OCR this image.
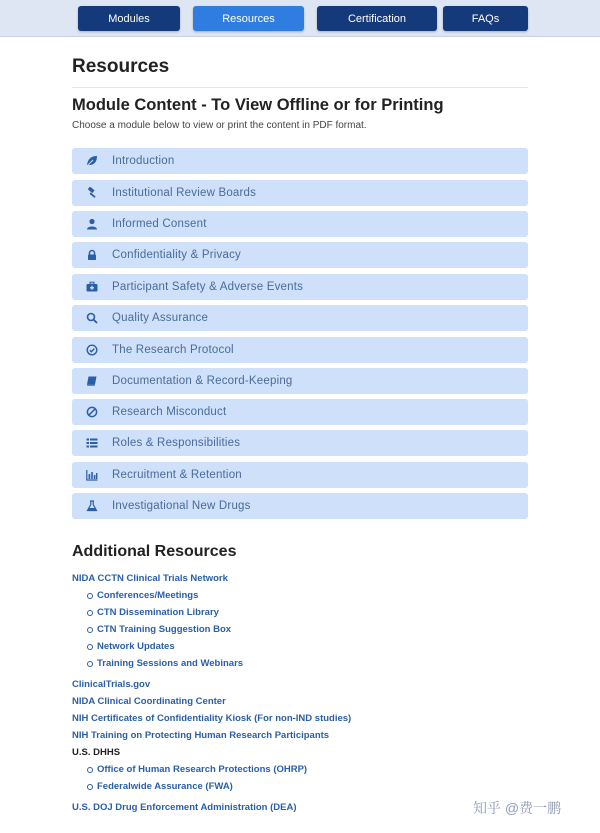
Modules	Resources	Certification	FAQs
Resources
Module Content - To View Offline or for Printing
Choose a module below to view or print the content in PDF format.
Introduction
Institutional Review Boards
Informed Consent
Confidentiality & Privacy
Participant Safety & Adverse Events
Quality Assurance
The Research Protocol
Documentation & Record-Keeping
Research Misconduct
Roles & Responsibilities
Recruitment & Retention
Investigational New Drugs
Additional Resources
NIDA CCTN Clinical Trials Network
Conferences/Meetings
CTN Dissemination Library
CTN Training Suggestion Box
Network Updates
Training Sessions and Webinars
ClinicalTrials.gov
NIDA Clinical Coordinating Center
NIH Certificates of Confidentiality Kiosk (For non-IND studies)
NIH Training on Protecting Human Research Participants
U.S. DHHS
Office of Human Research Protections (OHRP)
Federalwide Assurance (FWA)
U.S. DOJ Drug Enforcement Administration (DEA)	知乎 @费一鹏
